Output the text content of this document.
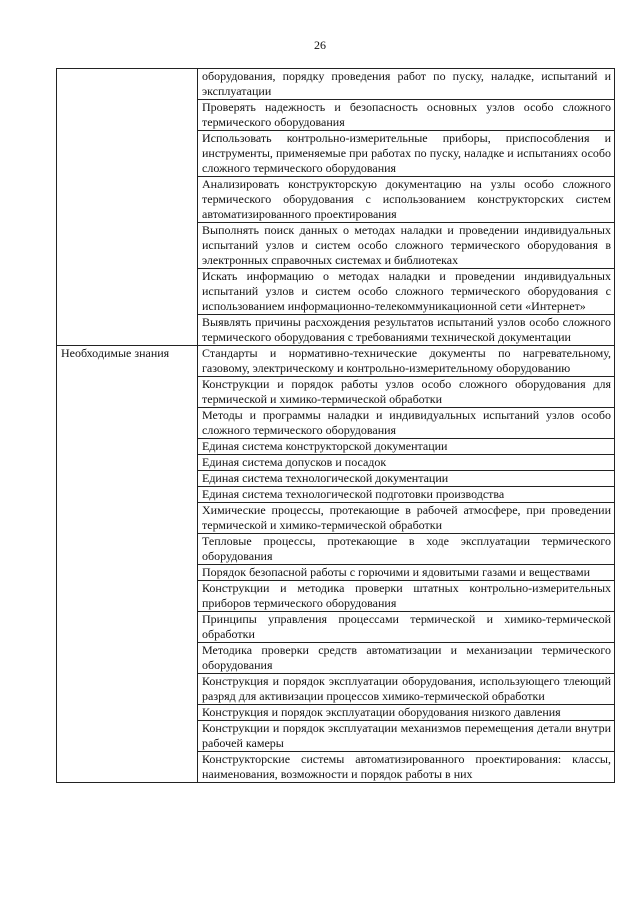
26

	оборудования, порядку проведения работ по пуску, наладке, испытаний и эксплуатации

	Проверять надежность и безопасность основных узлов особо сложного термического оборудования

	Использовать контрольно-измерительные приборы, приспособления и инструменты, применяемые при работах по пуску, наладке и испытаниях особо сложного термического оборудования

	Анализировать конструкторскую документацию на узлы особо сложного термического оборудования с использованием конструкторских систем автоматизированного проектирования

	Выполнять поиск данных о методах наладки и проведении индивидуальных испытаний узлов и систем особо сложного термического оборудования в электронных справочных системах и библиотеках

	Искать информацию о методах наладки и проведении индивидуальных испытаний узлов и систем особо сложного термического оборудования с использованием информационно-телекоммуникационной сети «Интернет»

	Выявлять причины расхождения результатов испытаний узлов особо сложного термического оборудования с требованиями технической документации

Необходимые знания	Стандарты и нормативно-технические документы по нагревательному, газовому, электрическому и контрольно-измерительному оборудованию

	Конструкции и порядок работы узлов особо сложного оборудования для термической и химико-термической обработки

	Методы и программы наладки и индивидуальных испытаний узлов особо сложного термического оборудования

	Единая система конструкторской документации

	Единая система допусков и посадок

	Единая система технологической документации

	Единая система технологической подготовки производства

	Химические процессы, протекающие в рабочей атмосфере, при проведении термической и химико-термической обработки

	Тепловые процессы, протекающие в ходе эксплуатации термического оборудования

	Порядок безопасной работы с горючими и ядовитыми газами и веществами

	Конструкции и методика проверки штатных контрольно-измерительных приборов термического оборудования

	Принципы управления процессами термической и химико-термической обработки

	Методика проверки средств автоматизации и механизации термического оборудования

	Конструкция и порядок эксплуатации оборудования, использующего тлеющий разряд для активизации процессов химико-термической обработки

	Конструкция и порядок эксплуатации оборудования низкого давления

	Конструкции и порядок эксплуатации механизмов перемещения детали внутри рабочей камеры

	Конструкторские системы автоматизированного проектирования: классы, наименования, возможности и порядок работы в них
